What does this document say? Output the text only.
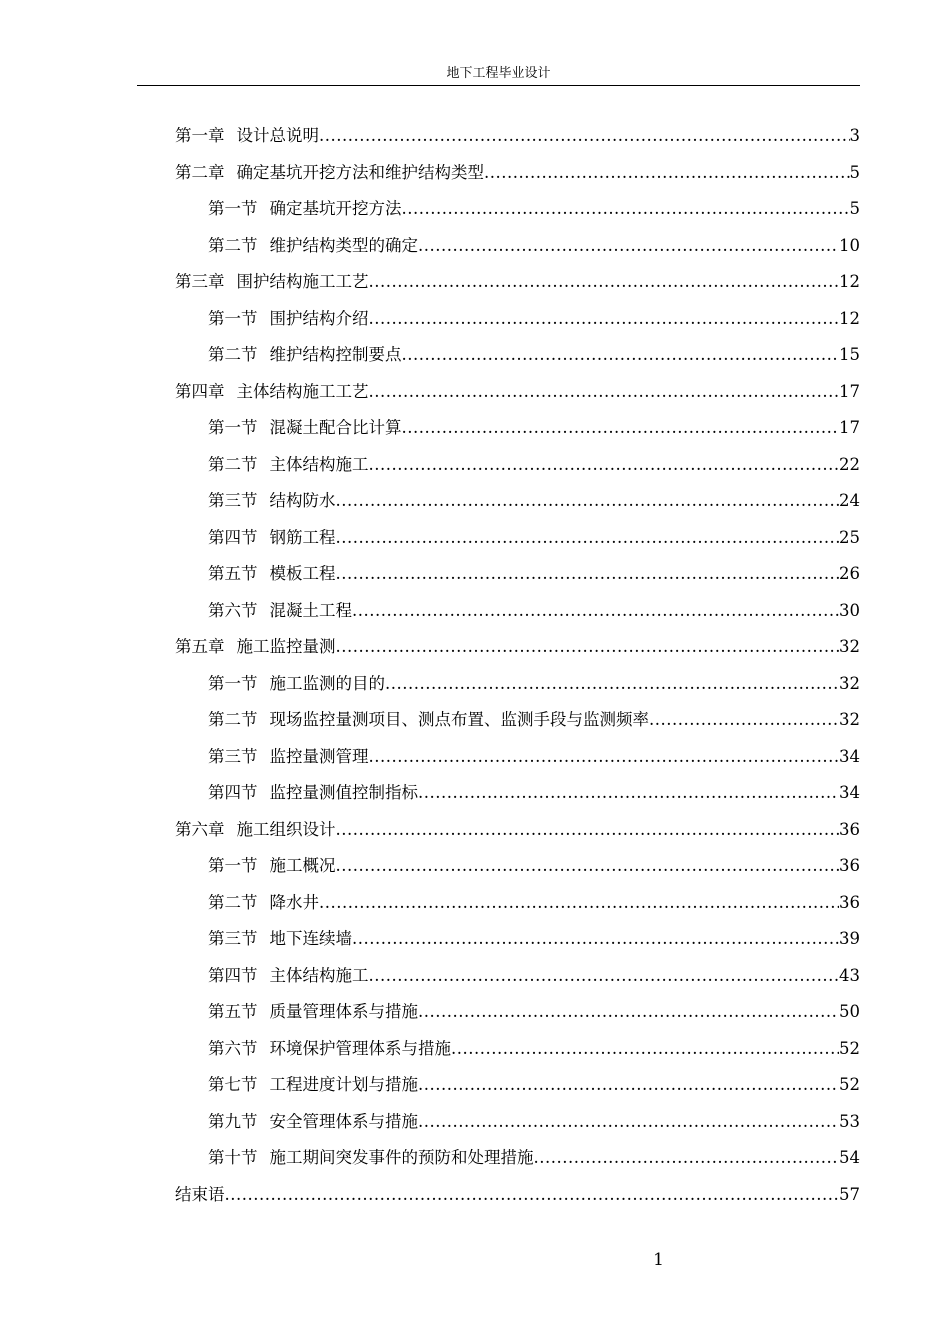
地下工程毕业设计
第一章 设计总说明 .....	3
第二章 确定基坑开挖方法和维护结构类型 .....	5
第一节 确定基坑开挖方法 .....	5
第二节 维护结构类型的确定 .....	10
第三章 围护结构施工工艺 .....	12
第一节 围护结构介绍 .....	12
第二节 维护结构控制要点 .....	15
第四章 主体结构施工工艺 .....	17
第一节 混凝土配合比计算 .....	17
第二节 主体结构施工 .....	22
第三节 结构防水 .....	24
第四节 钢筋工程 .....	25
第五节 模板工程 .....	26
第六节 混凝土工程 .....	30
第五章 施工监控量测 .....	32
第一节 施工监测的目的 .....	32
第二节 现场监控量测项目、测点布置、监测手段与监测频率 .....	32
第三节 监控量测管理 .....	34
第四节 监控量测值控制指标 .....	34
第六章 施工组织设计 .....	36
第一节 施工概况 .....	36
第二节 降水井 .....	36
第三节 地下连续墙 .....	39
第四节 主体结构施工 .....	43
第五节 质量管理体系与措施 .....	50
第六节 环境保护管理体系与措施 .....	52
第七节 工程进度计划与措施 .....	52
第九节 安全管理体系与措施 .....	53
第十节 施工期间突发事件的预防和处理措施 .....	54
结束语 .....	57
1
